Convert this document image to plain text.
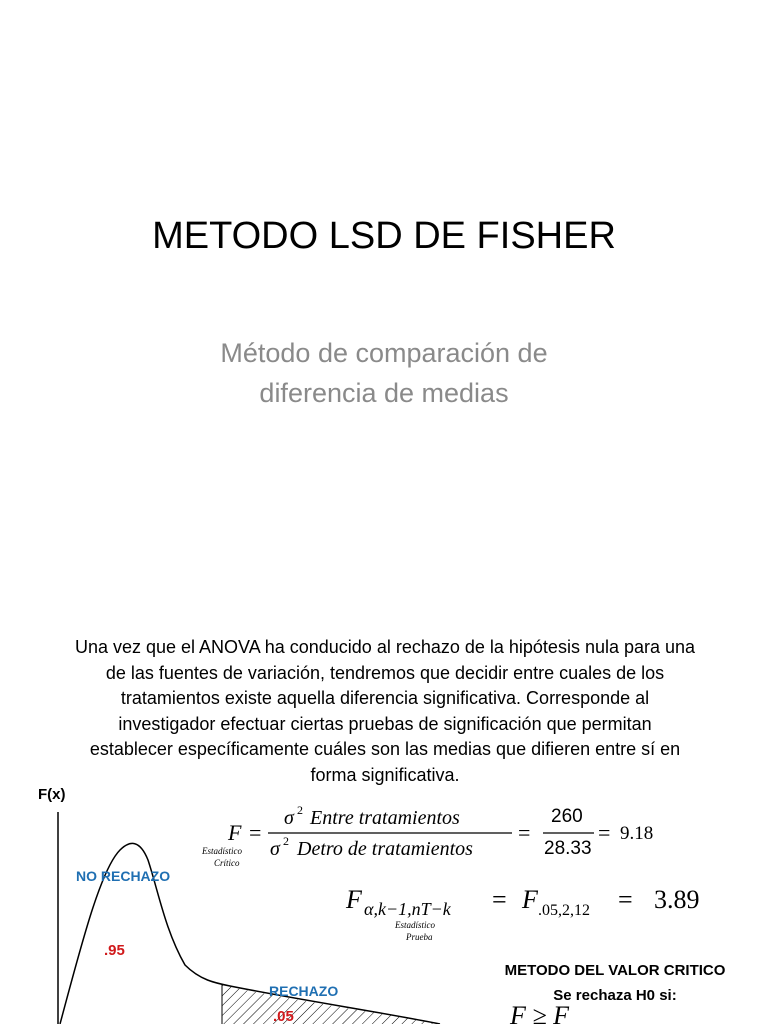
METODO LSD DE FISHER
Método de comparación de
diferencia de medias
Una vez que el ANOVA ha conducido al rechazo de la hipótesis nula para una
de las fuentes de variación, tendremos que decidir entre cuales de los
tratamientos existe aquella diferencia significativa. Corresponde al
investigador efectuar ciertas pruebas de significación que permitan
establecer específicamente cuáles son las medias que difieren entre sí en
forma significativa.
F
Estadístico
Crítico
=
σ 2 Entre tratamientos
σ 2 Detro de tratamientos
=
260
28.33
= 9.18
F α,k−1,nT−k
Estadístico
Prueba
= F .05,2,12 = 3.89
F ≥ F
F(x)
NO RECHAZO
RECHAZO
.95
.05
METODO DEL VALOR CRITICO
Se rechaza H0 si:
